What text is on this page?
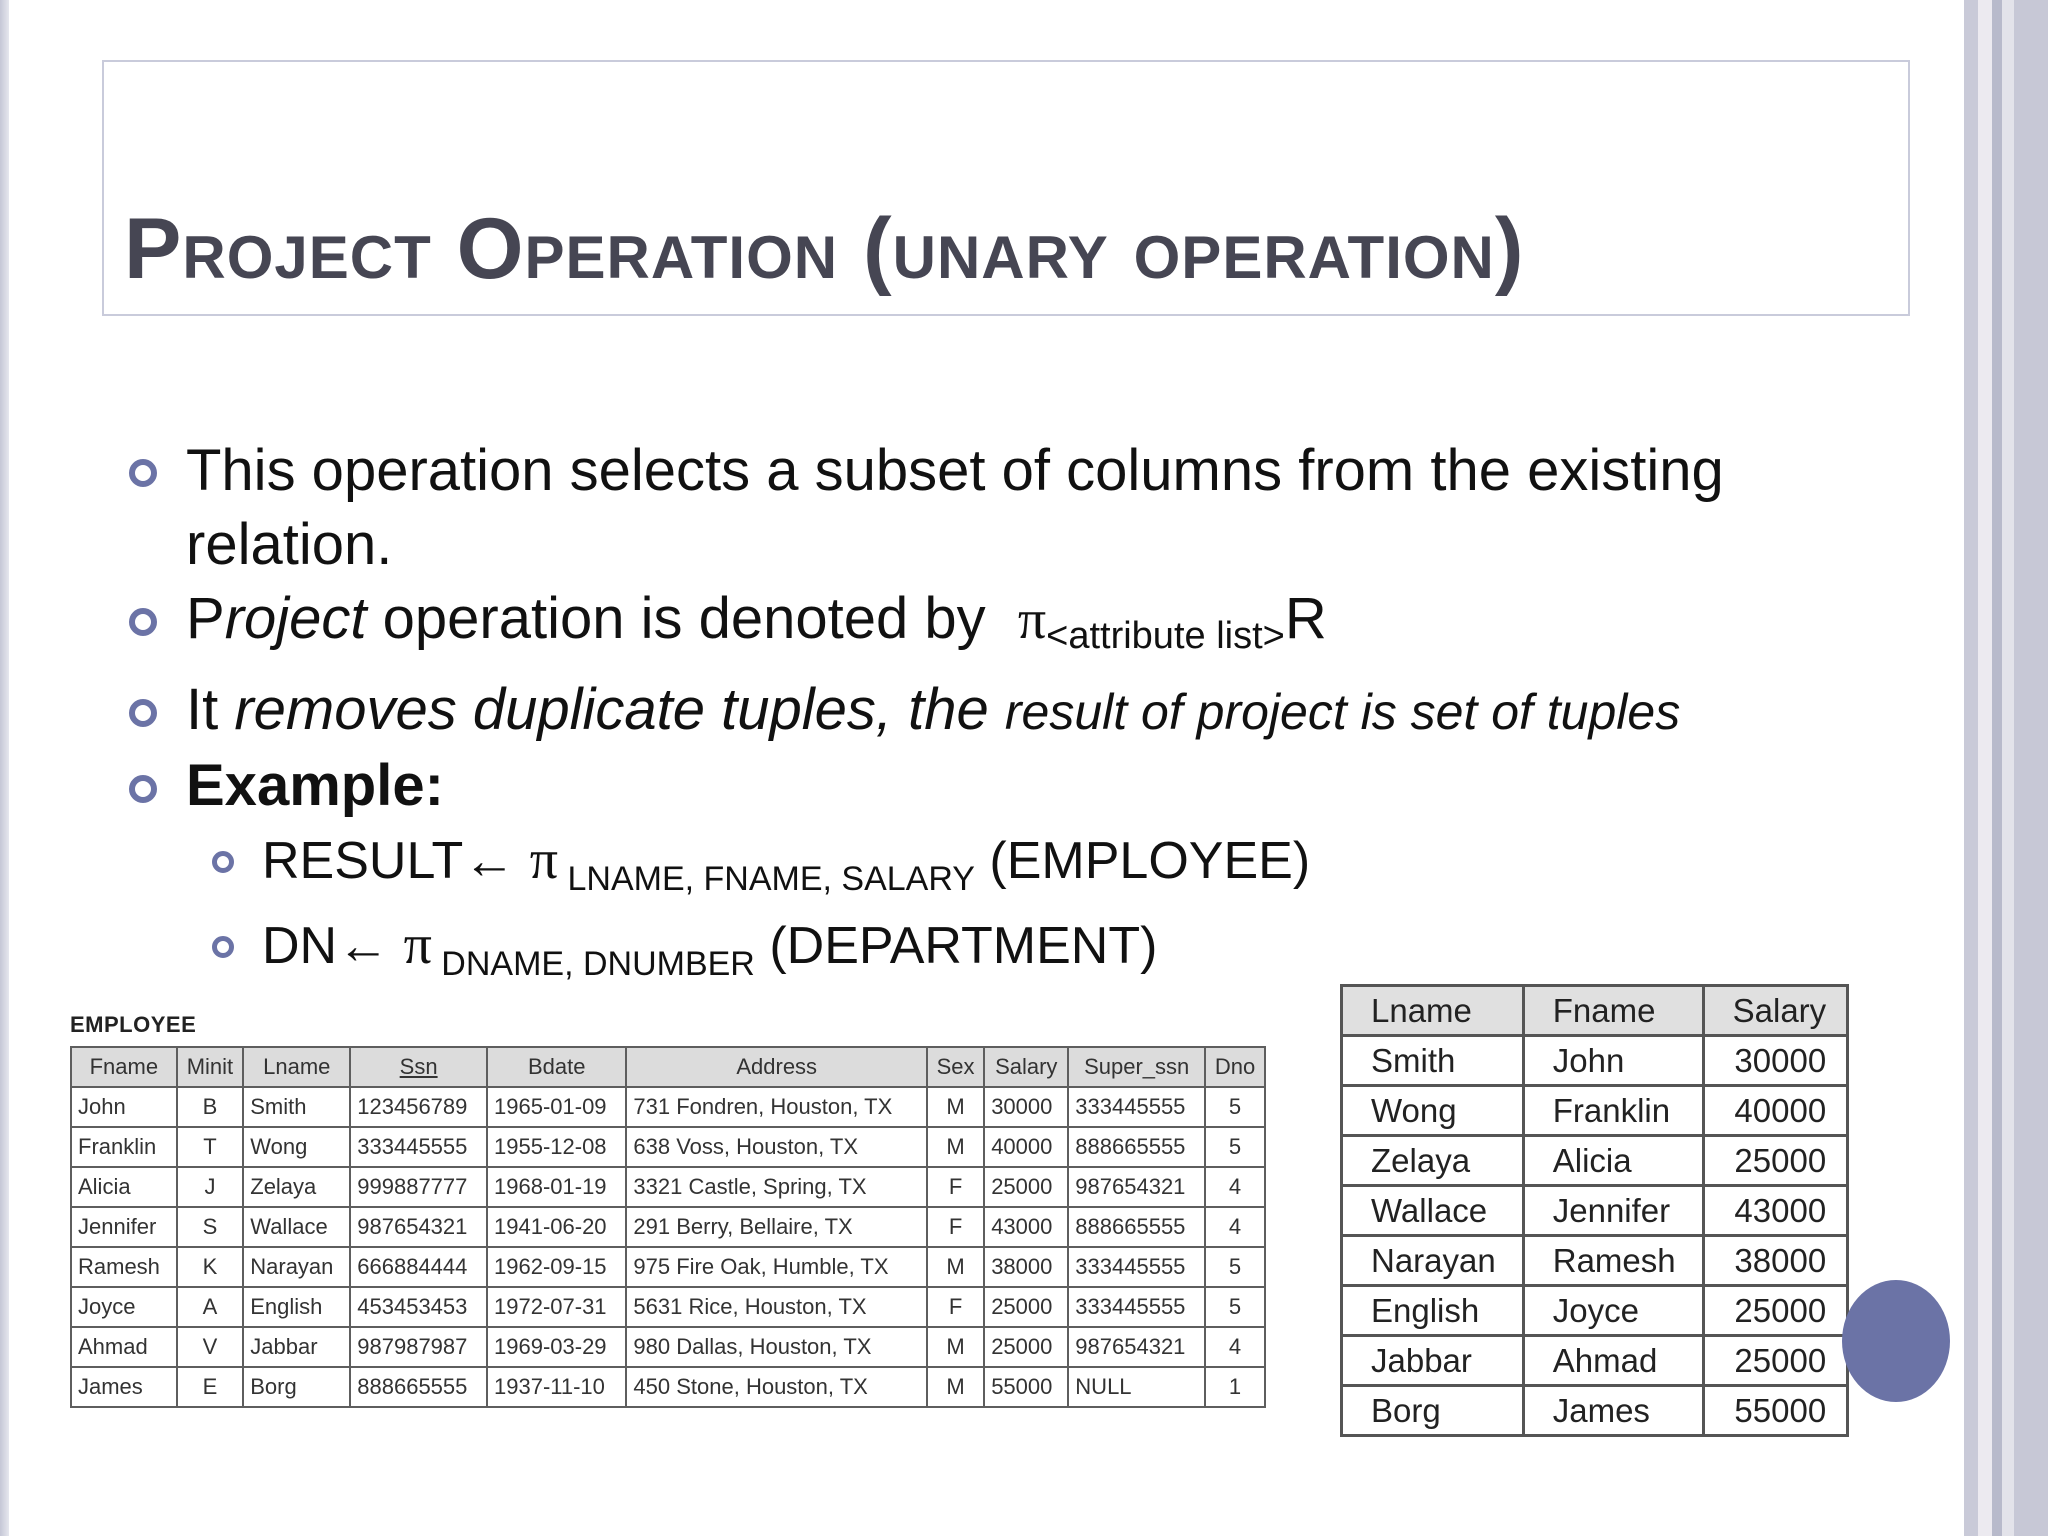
Project Operation (unary operation)
This operation selects a subset of columns from the existing relation.
Project operation is denoted by  π<attribute list>R
It removes duplicate tuples, the result of project is set of tuples
Example:
RESULT← π $_{LNAME, FNAME, SALARY}$ (EMPLOYEE)
DN← π $_{DNAME, DNUMBER}$ (DEPARTMENT)

EMPLOYEE

Fname	Minit	Lname	Ssn	Bdate	Address	Sex	Salary	Super_ssn	Dno
John	B	Smith	123456789	1965-01-09	731 Fondren, Houston, TX	M	30000	333445555	5
Franklin	T	Wong	333445555	1955-12-08	638 Voss, Houston, TX	M	40000	888665555	5
Alicia	J	Zelaya	999887777	1968-01-19	3321 Castle, Spring, TX	F	25000	987654321	4
Jennifer	S	Wallace	987654321	1941-06-20	291 Berry, Bellaire, TX	F	43000	888665555	4
Ramesh	K	Narayan	666884444	1962-09-15	975 Fire Oak, Humble, TX	M	38000	333445555	5
Joyce	A	English	453453453	1972-07-31	5631 Rice, Houston, TX	F	25000	333445555	5
Ahmad	V	Jabbar	987987987	1969-03-29	980 Dallas, Houston, TX	M	25000	987654321	4
James	E	Borg	888665555	1937-11-10	450 Stone, Houston, TX	M	55000	NULL	1
Lname	Fname	Salary
Smith	John	30000
Wong	Franklin	40000
Zelaya	Alicia	25000
Wallace	Jennifer	43000
Narayan	Ramesh	38000
English	Joyce	25000
Jabbar	Ahmad	25000
Borg	James	55000
